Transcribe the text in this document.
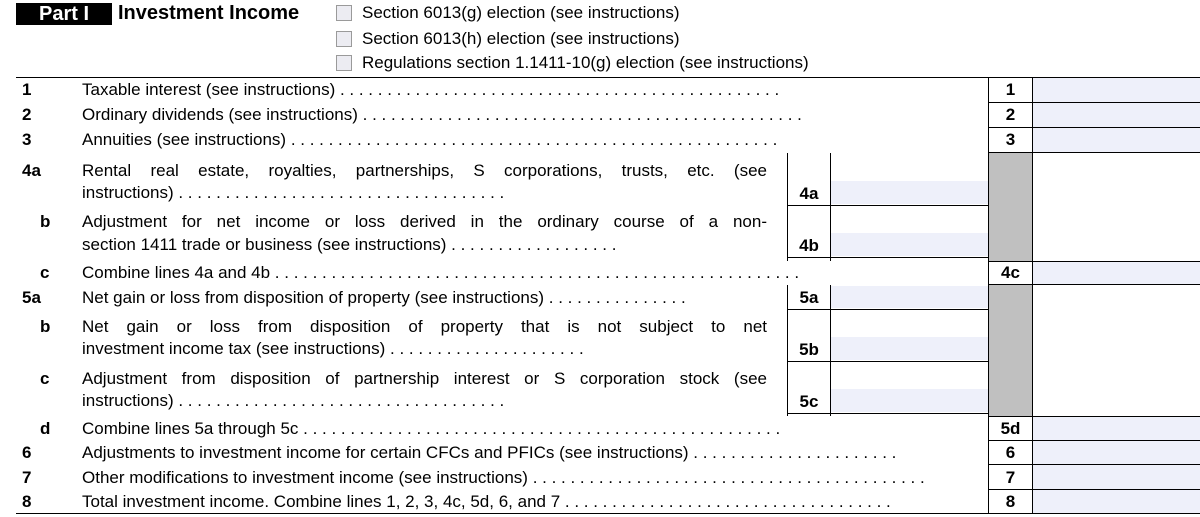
Part I	Investment Income	Section 6013(g) election (see instructions)
Section 6013(h) election (see instructions)
Regulations section 1.1411-10(g) election (see instructions)
1	Taxable interest (see instructions) . . . . . . . . . . . . . . . . . . . . . . . . . . . . . . . . . . . . . . . . . . . . . . .	1
2	Ordinary dividends (see instructions) . . . . . . . . . . . . . . . . . . . . . . . . . . . . . . . . . . . . . . . . . . . . . . .	2
3	Annuities (see instructions) . . . . . . . . . . . . . . . . . . . . . . . . . . . . . . . . . . . . . . . . . . . . . . . . . . . .	3
4a Rental real estate, royalties, partnerships, S corporations, trusts, etc. (see
instructions) . . . . . . . . . . . . . . . . . . . . . . . . . . . . . . . . . . .	4a
b Adjustment for net income or loss derived in the ordinary course of a non-
section 1411 trade or business (see instructions) . . . . . . . . . . . . . . . . . .	4b
c Combine lines 4a and 4b . . . . . . . . . . . . . . . . . . . . . . . . . . . . . . . . . . . . . . . . . . . . . . . . . . . . . . . .	4c
5a Net gain or loss from disposition of property (see instructions) . . . . . . . . . . . . . . .	5a
b Net gain or loss from disposition of property that is not subject to net
investment income tax (see instructions) . . . . . . . . . . . . . . . . . . . . .	5b
c Adjustment from disposition of partnership interest or S corporation stock (see
instructions) . . . . . . . . . . . . . . . . . . . . . . . . . . . . . . . . . . .	5c
d Combine lines 5a through 5c . . . . . . . . . . . . . . . . . . . . . . . . . . . . . . . . . . . . . . . . . . . . . . . . . . .	5d
6	Adjustments to investment income for certain CFCs and PFICs (see instructions) . . . . . . . . . . . . . . . . . . . . . .	6
7	Other modifications to investment income (see instructions) . . . . . . . . . . . . . . . . . . . . . . . . . . . . . . . . . . . . . . . . . .	7
8	Total investment income. Combine lines 1, 2, 3, 4c, 5d, 6, and 7 . . . . . . . . . . . . . . . . . . . . . . . . . . . . . . . . . . .	8
